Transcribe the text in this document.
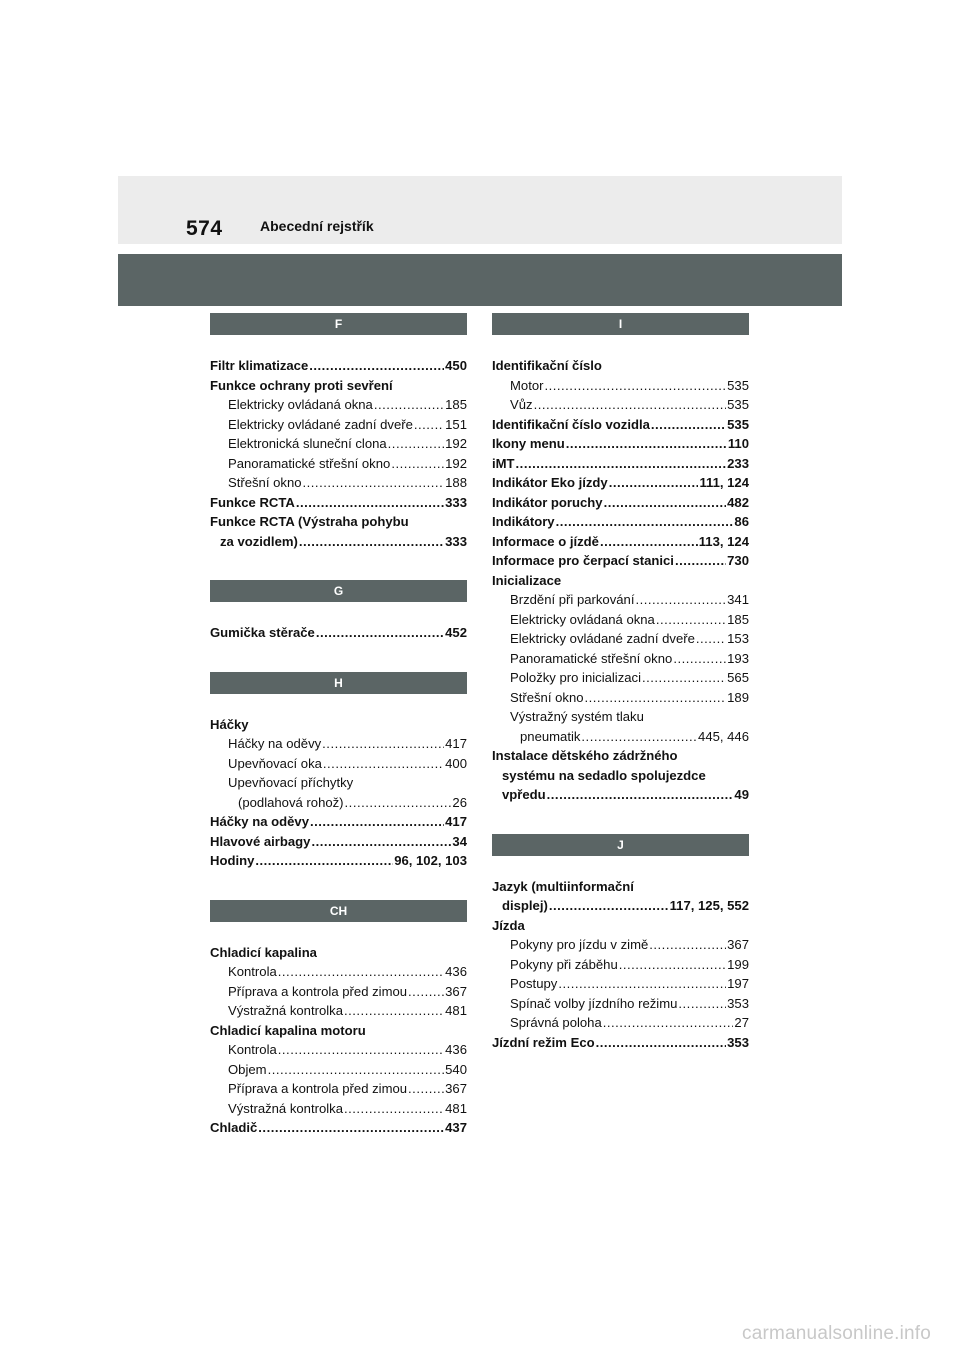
574	Abecední rejstřík
F
Filtr klimatizace .....	450
Funkce ochrany proti sevření
Elektricky ovládaná okna .....	185
Elektricky ovládané zadní dveře ..... 151
Elektronická sluneční clona .....	192
Panoramatické střešní okno .....	192
Střešní okno .....	188
Funkce RCTA .....	333
Funkce RCTA (Výstraha pohybu
za vozidlem) .....	333
G
Gumička stěrače .....	452
H
Háčky
Háčky na oděvy .....	417
Upevňovací oka .....	400
Upevňovací příchytky
(podlahová rohož) .....	26
Háčky na oděvy .....	417
Hlavové airbagy .....	34
Hodiny .....	96, 102, 103
CH
Chladicí kapalina
Kontrola .....	436
Příprava a kontrola před zimou .....	367
Výstražná kontrolka .....	481
Chladicí kapalina motoru
Kontrola .....	436
Objem .....	540
Příprava a kontrola před zimou .....	367
Výstražná kontrolka .....	481
Chladič .....	437
I
Identifikační číslo
Motor .....	535
Vůz .....	535
Identifikační číslo vozidla .....	535
Ikony menu .....	110
iMT .....	233
Indikátor Eko jízdy .....	111, 124
Indikátor poruchy .....	482
Indikátory .....	86
Informace o jízdě .....	113, 124
Informace pro čerpací stanici .....	730
Inicializace
Brzdění při parkování .....	341
Elektricky ovládaná okna .....	185
Elektricky ovládané zadní dveře ..... 153
Panoramatické střešní okno .....	193
Položky pro inicializaci .....	565
Střešní okno .....	189
Výstražný systém tlaku
pneumatik .....	445, 446
Instalace dětského zádržného
systému na sedadlo spolujezdce
vpředu .....	49
J
Jazyk (multiinformační
displej) .....	117, 125, 552
Jízda
Pokyny pro jízdu v zimě .....	367
Pokyny při záběhu .....	199
Postupy .....	197
Spínač volby jízdního režimu .....	353
Správná poloha .....	27
Jízdní režim Eco .....	353
carmanualsonline.info
